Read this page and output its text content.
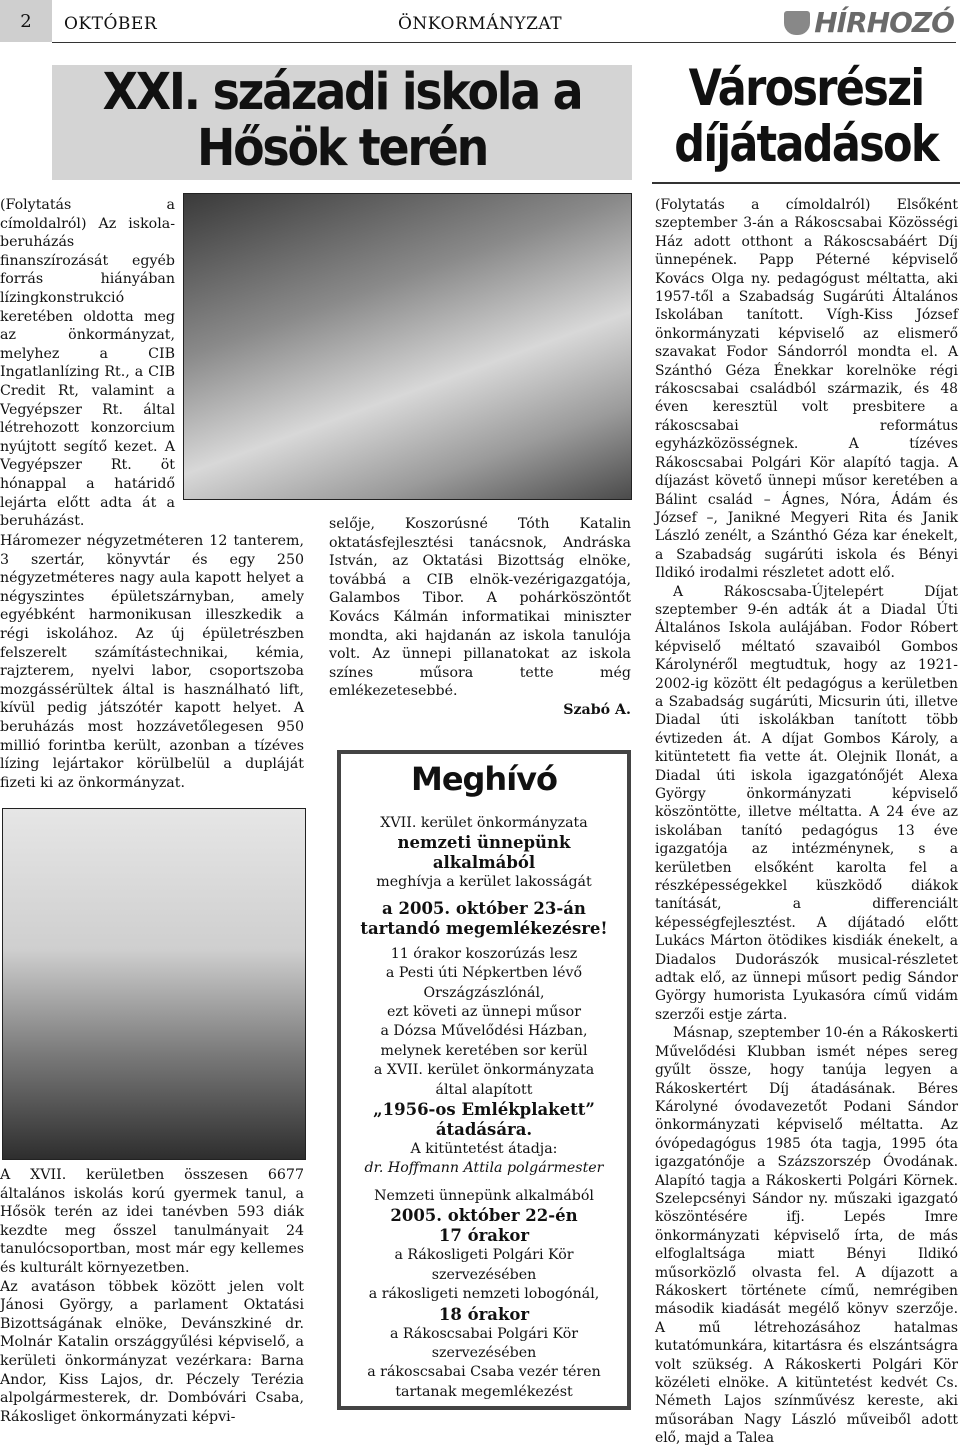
2	OKTÓBER	ÖNKORMÁNYZAT	HÍRHOZÓ
XXI. századi iskola a
Hősök terén

(Folytatás a címoldalról) Az iskola-beruházás finanszírozását egyéb forrás hiányában lízingkonstrukció keretében oldotta meg az önkormányzat, melyhez a CIB Ingatlanlízing Rt., a CIB Credit Rt, valamint a Vegyépszer Rt. által létrehozott konzorcium nyújtott segítő kezet. A Vegyépszer Rt. öt hónappal a határidő lejárta előtt adta át a beruházást.

Háromezer négyzetméteren 12 tanterem, 3 szertár, könyvtár és egy 250 négyzetméteres nagy aula kapott helyet a négyszintes épületszárnyban, amely egyébként harmonikusan illeszkedik a régi iskolához. Az új épületrészben felszerelt számítástechnikai, kémia, rajzterem, nyelvi labor, csoportszoba mozgássérültek által is használható lift, kívül pedig játszótér kapott helyet. A beruházás most hozzávetőlegesen 950 millió forintba került, azonban a tízéves lízing lejártakor körülbelül a dupláját fizeti ki az önkormányzat.

A XVII. kerületben összesen 6677 általános iskolás korú gyermek tanul, a Hősök terén az idei tanévben 593 diák kezdte meg ősszel tanulmányait 24 tanulócsoportban, most már egy kellemes és kulturált környezetben.

Az avatáson többek között jelen volt Jánosi György, a parlament Oktatási Bizottságának elnöke, Devánszkiné dr. Molnár Katalin országgyűlési képviselő, a kerületi önkormányzat vezérkara: Barna Andor, Kiss Lajos, dr. Péczely Terézia alpolgármesterek, dr. Dombóvári Csaba, Rákosliget önkormányzati képvi-

selője, Koszorúsné Tóth Katalin oktatásfejlesztési tanácsnok, Andráska István, az Oktatási Bizottság elnöke, továbbá a CIB elnök-vezérigazgatója, Galambos Tibor. A pohárköszöntőt Kovács Kálmán informatikai miniszter mondta, aki hajdanán az iskola tanulója volt. Az ünnepi pillanatokat az iskola színes műsora tette még emlékezetesebbé.

Szabó A.

Meghívó
XVII. kerület önkormányzata
nemzeti ünnepünk
alkalmából
meghívja a kerület lakosságát
a 2005. október 23-án
tartandó megemlékezésre!
11 órakor koszorúzás lesz
a Pesti úti Népkertben lévő
Országzászlónál,
ezt követi az ünnepi műsor
a Dózsa Művelődési Házban,
melynek keretében sor kerül
a XVII. kerület önkormányzata
által alapított
„1956-os Emlékplakett”
átadására.
A kitüntetést átadja:
dr. Hoffmann Attila polgármester
Nemzeti ünnepünk alkalmából
2005. október 22-én
17 órakor
a Rákosligeti Polgári Kör
szervezésében
a rákosligeti nemzeti lobogónál,
18 órakor
a Rákoscsabai Polgári Kör
szervezésében
a rákoscsabai Csaba vezér téren
tartanak megemlékezést
Városrészi
díjátadások

(Folytatás a címoldalról) Elsőként szeptember 3-án a Rákoscsabai Közösségi Ház adott otthont a Rákoscsabáért Díj ünnepének. Papp Péterné képviselő Kovács Olga ny. pedagógust méltatta, aki 1957-től a Szabadság Sugárúti Általános Iskolában tanított. Vígh-Kiss József önkormányzati képviselő az elismerő szavakat Fodor Sándorról mondta el. A Szánthó Géza Énekkar korelnöke régi rákoscsabai családból származik, és 48 éven keresztül volt presbitere a rákoscsabai református egyházközösségnek. A tízéves Rákoscsabai Polgári Kör alapító tagja. A díjazást követő ünnepi műsor keretében a Bálint család – Ágnes, Nóra, Ádám és József –, Janikné Megyeri Rita és Janik László zenélt, a Szánthó Géza kar énekelt, a Szabadság sugárúti iskola és Bényi Ildikó irodalmi részletet adott elő.

A Rákoscsaba-Újtelepért Díjat szeptember 9-én adták át a Diadal Úti Általános Iskola aulájában. Fodor Róbert képviselő méltató szavaiból Gombos Károlynéről megtudtuk, hogy az 1921-2002-ig között élt pedagógus a kerületben a Szabadság sugárúti, Micsurin úti, illetve Diadal úti iskolákban tanított több évtizeden át. A díjat Gombos Károly, a kitüntetett fia vette át. Olejnik Ilonát, a Diadal úti iskola igazgatónőjét Alexa György önkormányzati képviselő köszöntötte, illetve méltatta. A 24 éve az iskolában tanító pedagógus 13 éve igazgatója az intézménynek, s a kerületben elsőként karolta fel a részképességekkel küszködő diákok tanítását, a differenciált képességfejlesztést. A díjátadó előtt Lukács Márton ötödikes kisdiák énekelt, a Diadalos Dudorászók musical-részletet adtak elő, az ünnepi műsort pedig Sándor György humorista Lyukasóra című vidám szerzői estje zárta.

Másnap, szeptember 10-én a Rákoskerti Művelődési Klubban ismét népes sereg gyűlt össze, hogy tanúja legyen a Rákoskertért Díj átadásának. Béres Károlyné óvodavezetőt Podani Sándor önkormányzati képviselő méltatta. Az óvópedagógus 1985 óta tagja, 1995 óta igazgatónője a Százszorszép Óvodának. Alapító tagja a Rákoskerti Polgári Körnek. Szelepcsényi Sándor ny. műszaki igazgató köszöntésére ifj. Lepés Imre önkormányzati képviselő írta, de más elfoglaltsága miatt Bényi Ildikó műsorközlő olvasta fel. A díjazott a Rákoskert története című, nemrégiben második kiadását megélő könyv szerzője. A mű létrehozásához hatalmas kutatómunkára, kitartásra és elszántságra volt szükség. A Rákoskerti Polgári Kör közéleti elnöke. A kitüntetést kedvét Cs. Németh Lajos színművész kereste, aki műsorában Nagy László műveiből adott elő, majd a Talea
